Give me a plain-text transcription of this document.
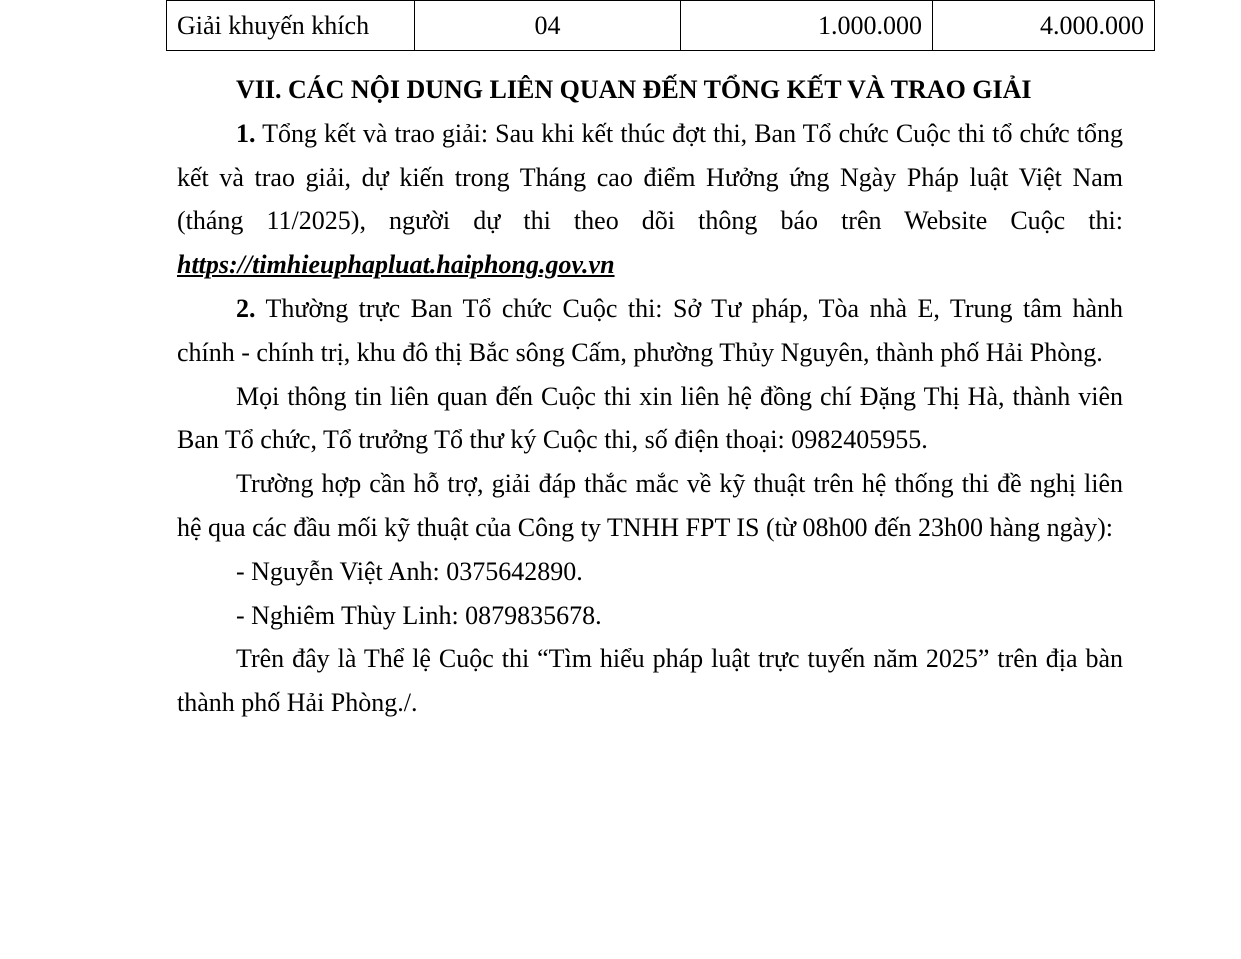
Giải khuyến khích	04	1.000.000	4.000.000

VII. CÁC NỘI DUNG LIÊN QUAN ĐẾN TỔNG KẾT VÀ TRAO GIẢI

1. Tổng kết và trao giải: Sau khi kết thúc đợt thi, Ban Tổ chức Cuộc thi tổ chức tổng kết và trao giải, dự kiến trong Tháng cao điểm Hưởng ứng Ngày Pháp luật Việt Nam (tháng 11/2025), người dự thi theo dõi thông báo trên Website Cuộc thi: https://timhieuphapluat.haiphong.gov.vn

2. Thường trực Ban Tổ chức Cuộc thi: Sở Tư pháp, Tòa nhà E, Trung tâm hành chính - chính trị, khu đô thị Bắc sông Cấm, phường Thủy Nguyên, thành phố Hải Phòng.

Mọi thông tin liên quan đến Cuộc thi xin liên hệ đồng chí Đặng Thị Hà, thành viên Ban Tổ chức, Tổ trưởng Tổ thư ký Cuộc thi, số điện thoại: 0982405955.

Trường hợp cần hỗ trợ, giải đáp thắc mắc về kỹ thuật trên hệ thống thi đề nghị liên hệ qua các đầu mối kỹ thuật của Công ty TNHH FPT IS (từ 08h00 đến 23h00 hàng ngày):

- Nguyễn Việt Anh: 0375642890.

- Nghiêm Thùy Linh: 0879835678.

Trên đây là Thể lệ Cuộc thi “Tìm hiểu pháp luật trực tuyến năm 2025” trên địa bàn thành phố Hải Phòng./.
